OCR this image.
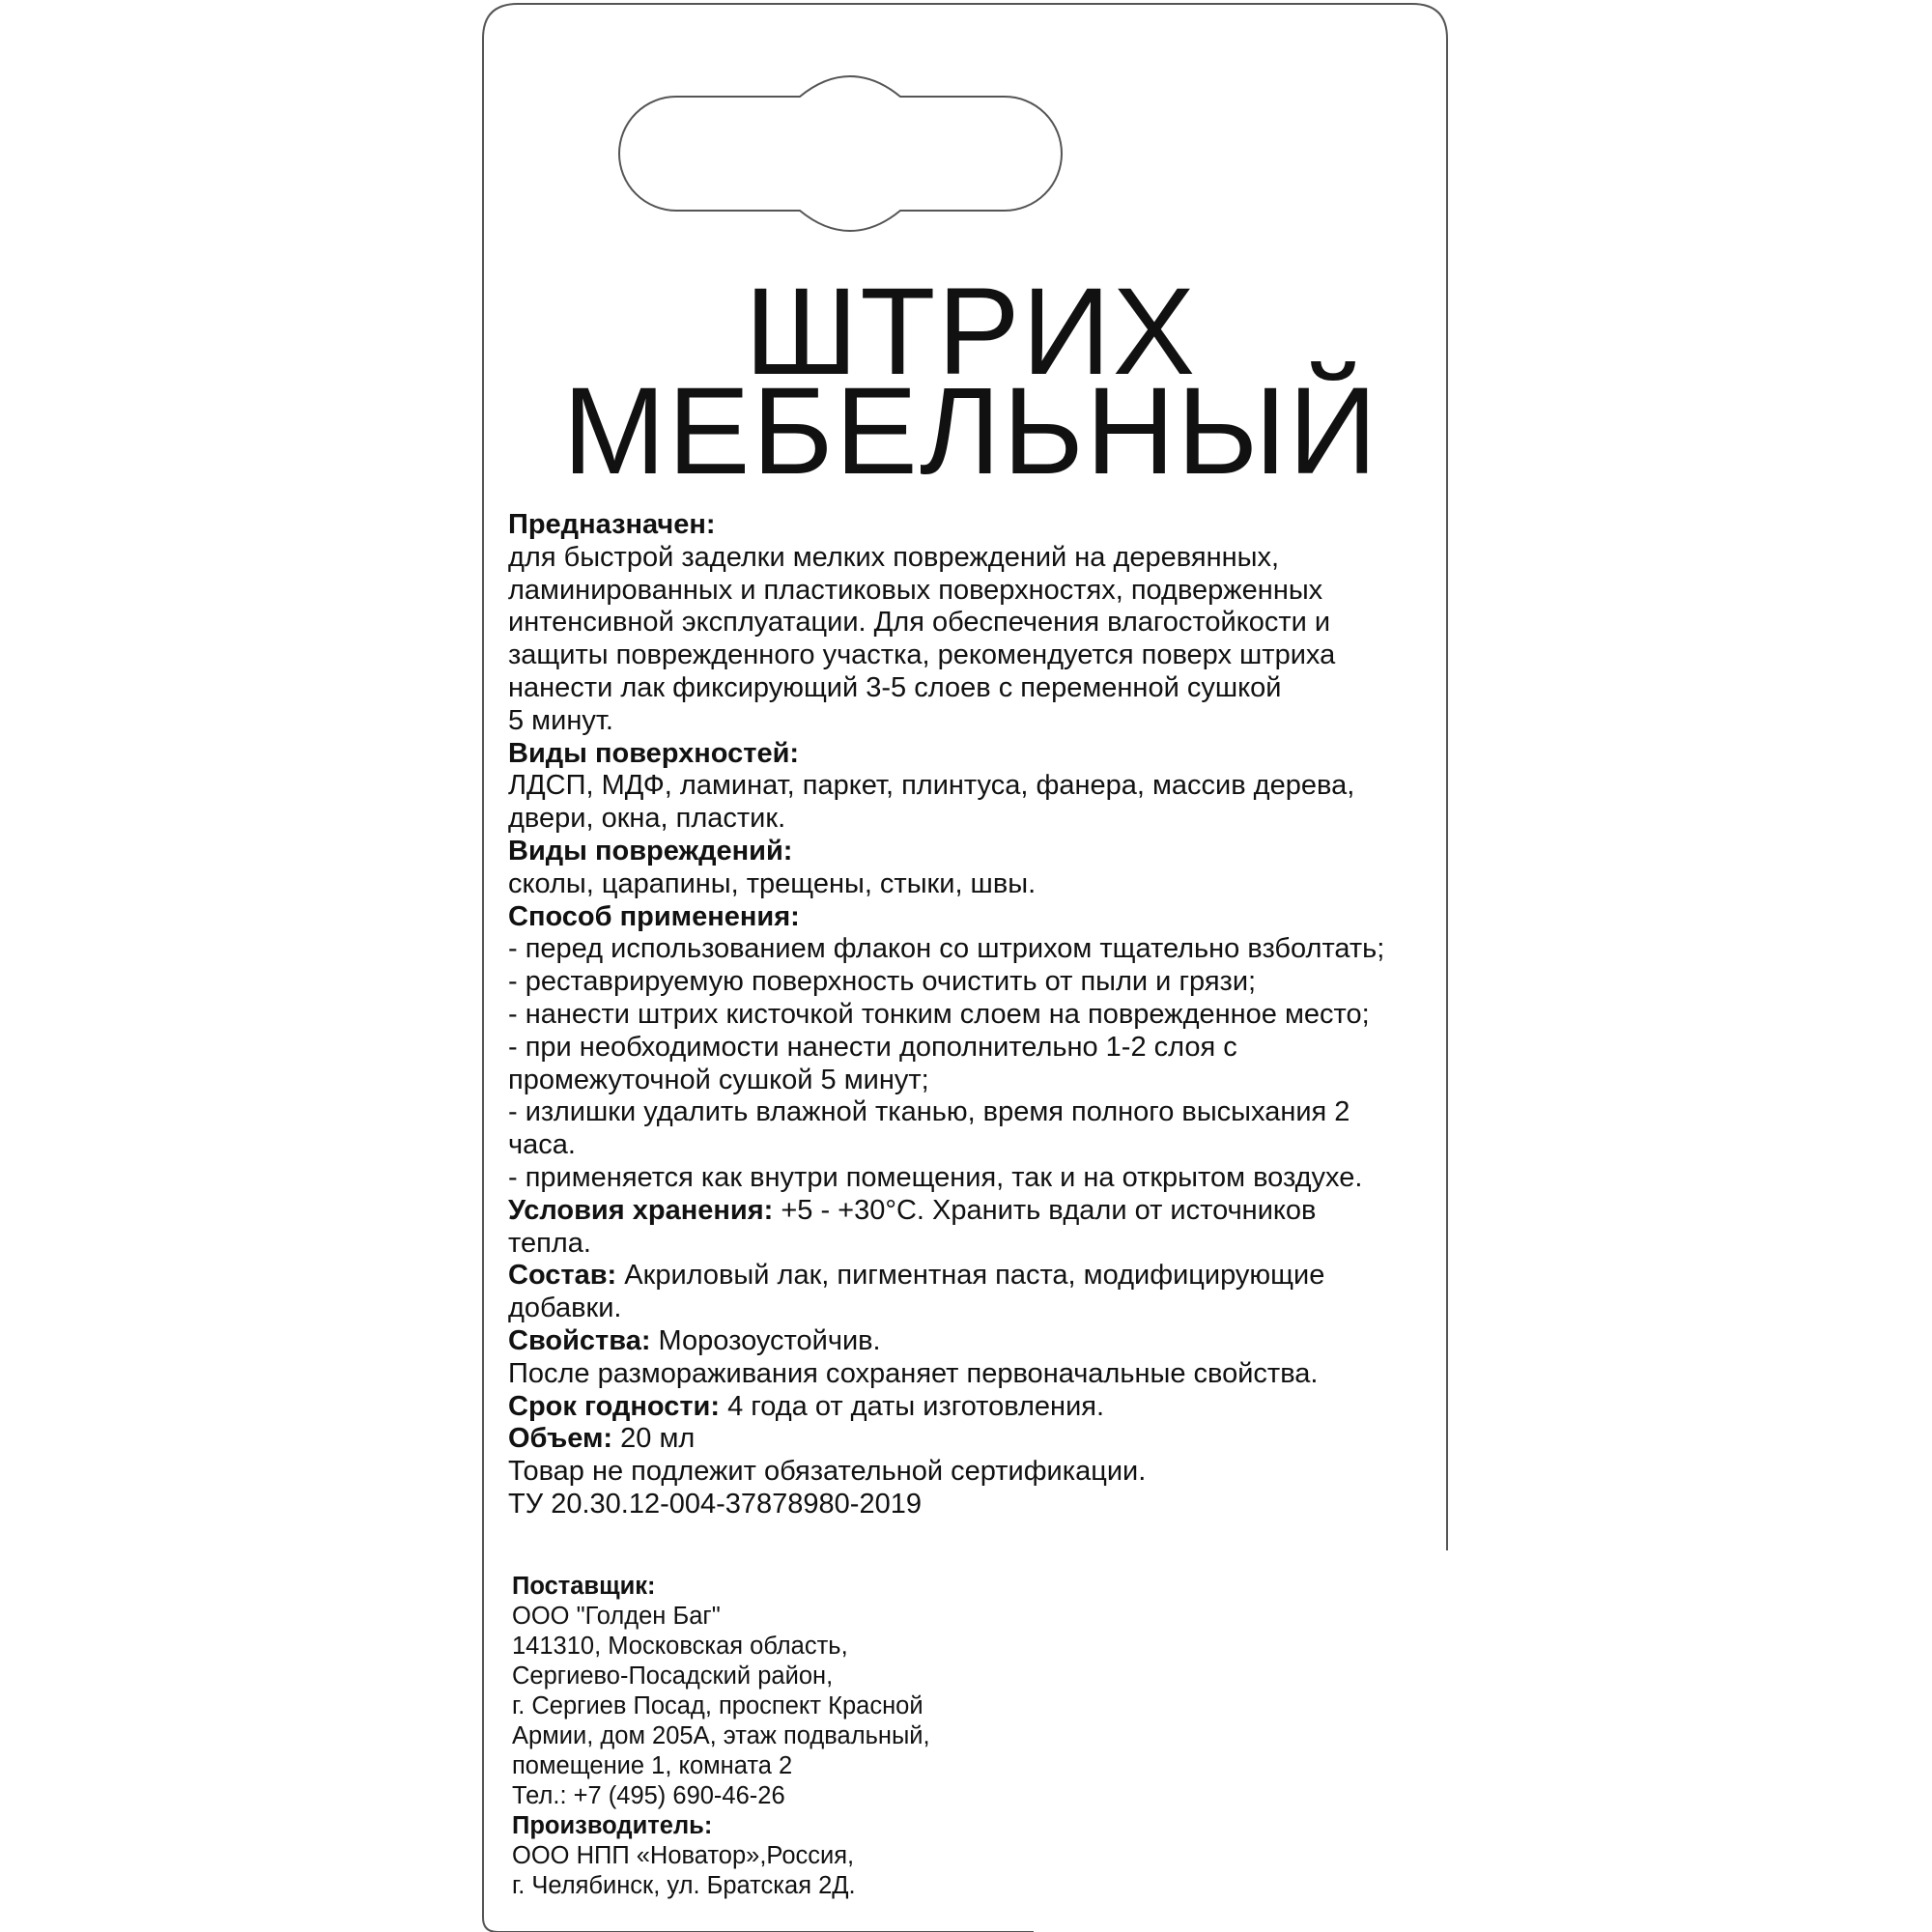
ШТРИХ
МЕБЕЛЬНЫЙ

Предназначен:

для быстрой заделки мелких повреждений на деревянных,

ламинированных и пластиковых поверхностях, подверженных

интенсивной эксплуатации. Для обеспечения влагостойкости и

защиты поврежденного участка, рекомендуется поверх штриха

нанести лак фиксирующий 3-5 слоев с переменной сушкой

5 минут.

Виды поверхностей:

ЛДСП, МДФ, ламинат, паркет, плинтуса, фанера, массив дерева,

двери, окна, пластик.

Виды повреждений:

сколы, царапины, трещены, стыки, швы.

Способ применения:

- перед использованием флакон со штрихом тщательно взболтать;

- реставрируемую поверхность очистить от пыли и грязи;

- нанести штрих кисточкой тонким слоем на поврежденное место;

- при необходимости нанести дополнительно 1-2 слоя с

промежуточной сушкой 5 минут;

- излишки удалить влажной тканью, время полного высыхания 2

часа.

- применяется как внутри помещения, так и на открытом воздухе.

Условия хранения: +5 - +30°С. Хранить вдали от источников

тепла.

Состав: Акриловый лак, пигментная паста, модифицирующие

добавки.

Свойства: Морозоустойчив.

После размораживания сохраняет первоначальные свойства.

Срок годности: 4 года от даты изготовления.

Объем: 20 мл

Товар не подлежит обязательной сертификации.

ТУ 20.30.12-004-37878980-2019

Поставщик:

ООО "Голден Баг"

141310, Московская область,

Сергиево-Посадский район,

г. Сергиев Посад, проспект Красной

Армии, дом 205А, этаж подвальный,

помещение 1, комната 2

Тел.: +7 (495) 690-46-26

Производитель:

ООО НПП «Новатор»,Россия,

г. Челябинск, ул. Братская 2Д.
